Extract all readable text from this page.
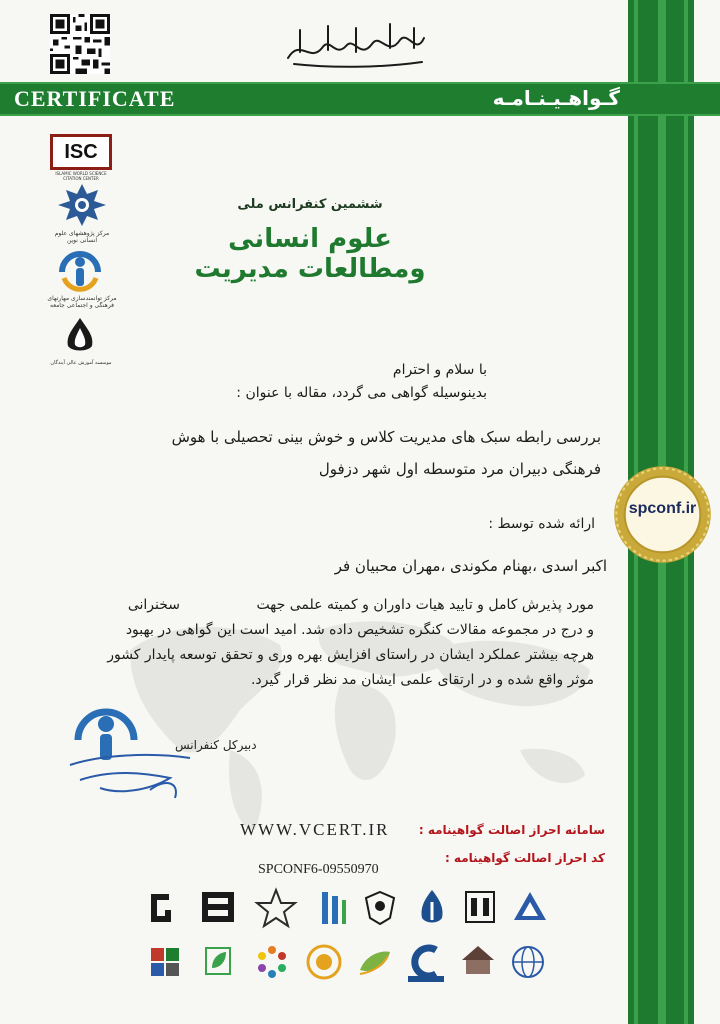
CERTIFICATE	گـواهـیـنـامـه
ISC
ISLAMIC WORLD SCIENCE CITATION CENTER
مرکز پژوهشهای علوم انسانی نوین
مرکز توانمندسازی مهارتهای فرهنگی و اجتماعی جامعه
موسسه آموزش عالی آیندگان
ششمین کنفرانس ملی
علوم انسانی ومطالعات مدیریت
با سلام و احترام
بدینوسیله گواهی می گردد، مقاله با عنوان :
بررسی رابطه سبک های مدیریت کلاس و خوش بینی تحصیلی با هوش
فرهنگی دبیران مرد متوسطه اول شهر دزفول
ارائه شده توسط :
اکبر اسدی ،بهنام مکوندی ،مهران محبیان فر
مورد پذیرش کامل و تایید هیات داوران و کمیته علمی جهت
سخنرانی
و درج در مجموعه مقالات کنگره تشخیص داده شد. امید است این گواهی در بهبود
هرچه بیشتر عملکرد ایشان در راستای افزایش بهره وری و تحقق توسعه پایدار کشور
موثر واقع شده و در ارتقای علمی ایشان مد نظر قرار گیرد.
spconf.ir
دبیرکل کنفرانس
سامانه احراز اصالت گواهینامه :
WWW.VCERT.IR
کد احراز اصالت گواهینامه :
SPCONF6-09550970
